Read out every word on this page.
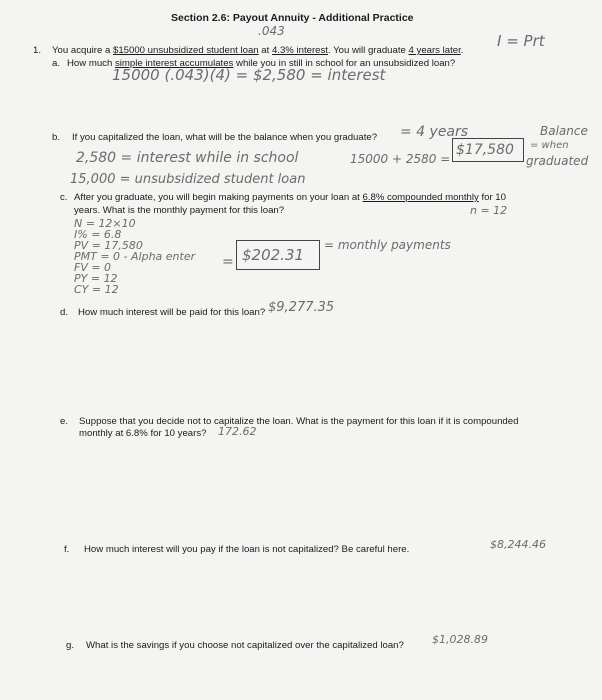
Section 2.6: Payout Annuity - Additional Practice
.043
I = Prt
1. You acquire a $15000 unsubsidized student loan at 4.3% interest. You will graduate 4 years later.
a. How much simple interest accumulates while you in still in school for an unsubsidized loan?
15000 (.043)(4) = $2,580 = interest
b. If you capitalized the loan, what will be the balance when you graduate? = 4 years
2,580 = interest while in school
15,000 = unsubsidized student loan
15000 + 2580 =
$17,580
Balance
= when
graduated
c. After you graduate, you will begin making payments on your loan at 6.8% compounded monthly for 10
n = 12
years. What is the monthly payment for this loan?
N = 12×10
I% = 6.8
PV = 17,580
PMT = 0 - Alpha enter
FV = 0
PY = 12
CY = 12
= $202.31
= monthly payments
d. How much interest will be paid for this loan? $9,277.35
e. Suppose that you decide not to capitalize the loan. What is the payment for this loan if it is compounded
monthly at 6.8% for 10 years? 172.62
f. How much interest will you pay if the loan is not capitalized? Be careful here.	$8,244.46
g. What is the savings if you choose not capitalized over the capitalized loan?	$1,028.89
